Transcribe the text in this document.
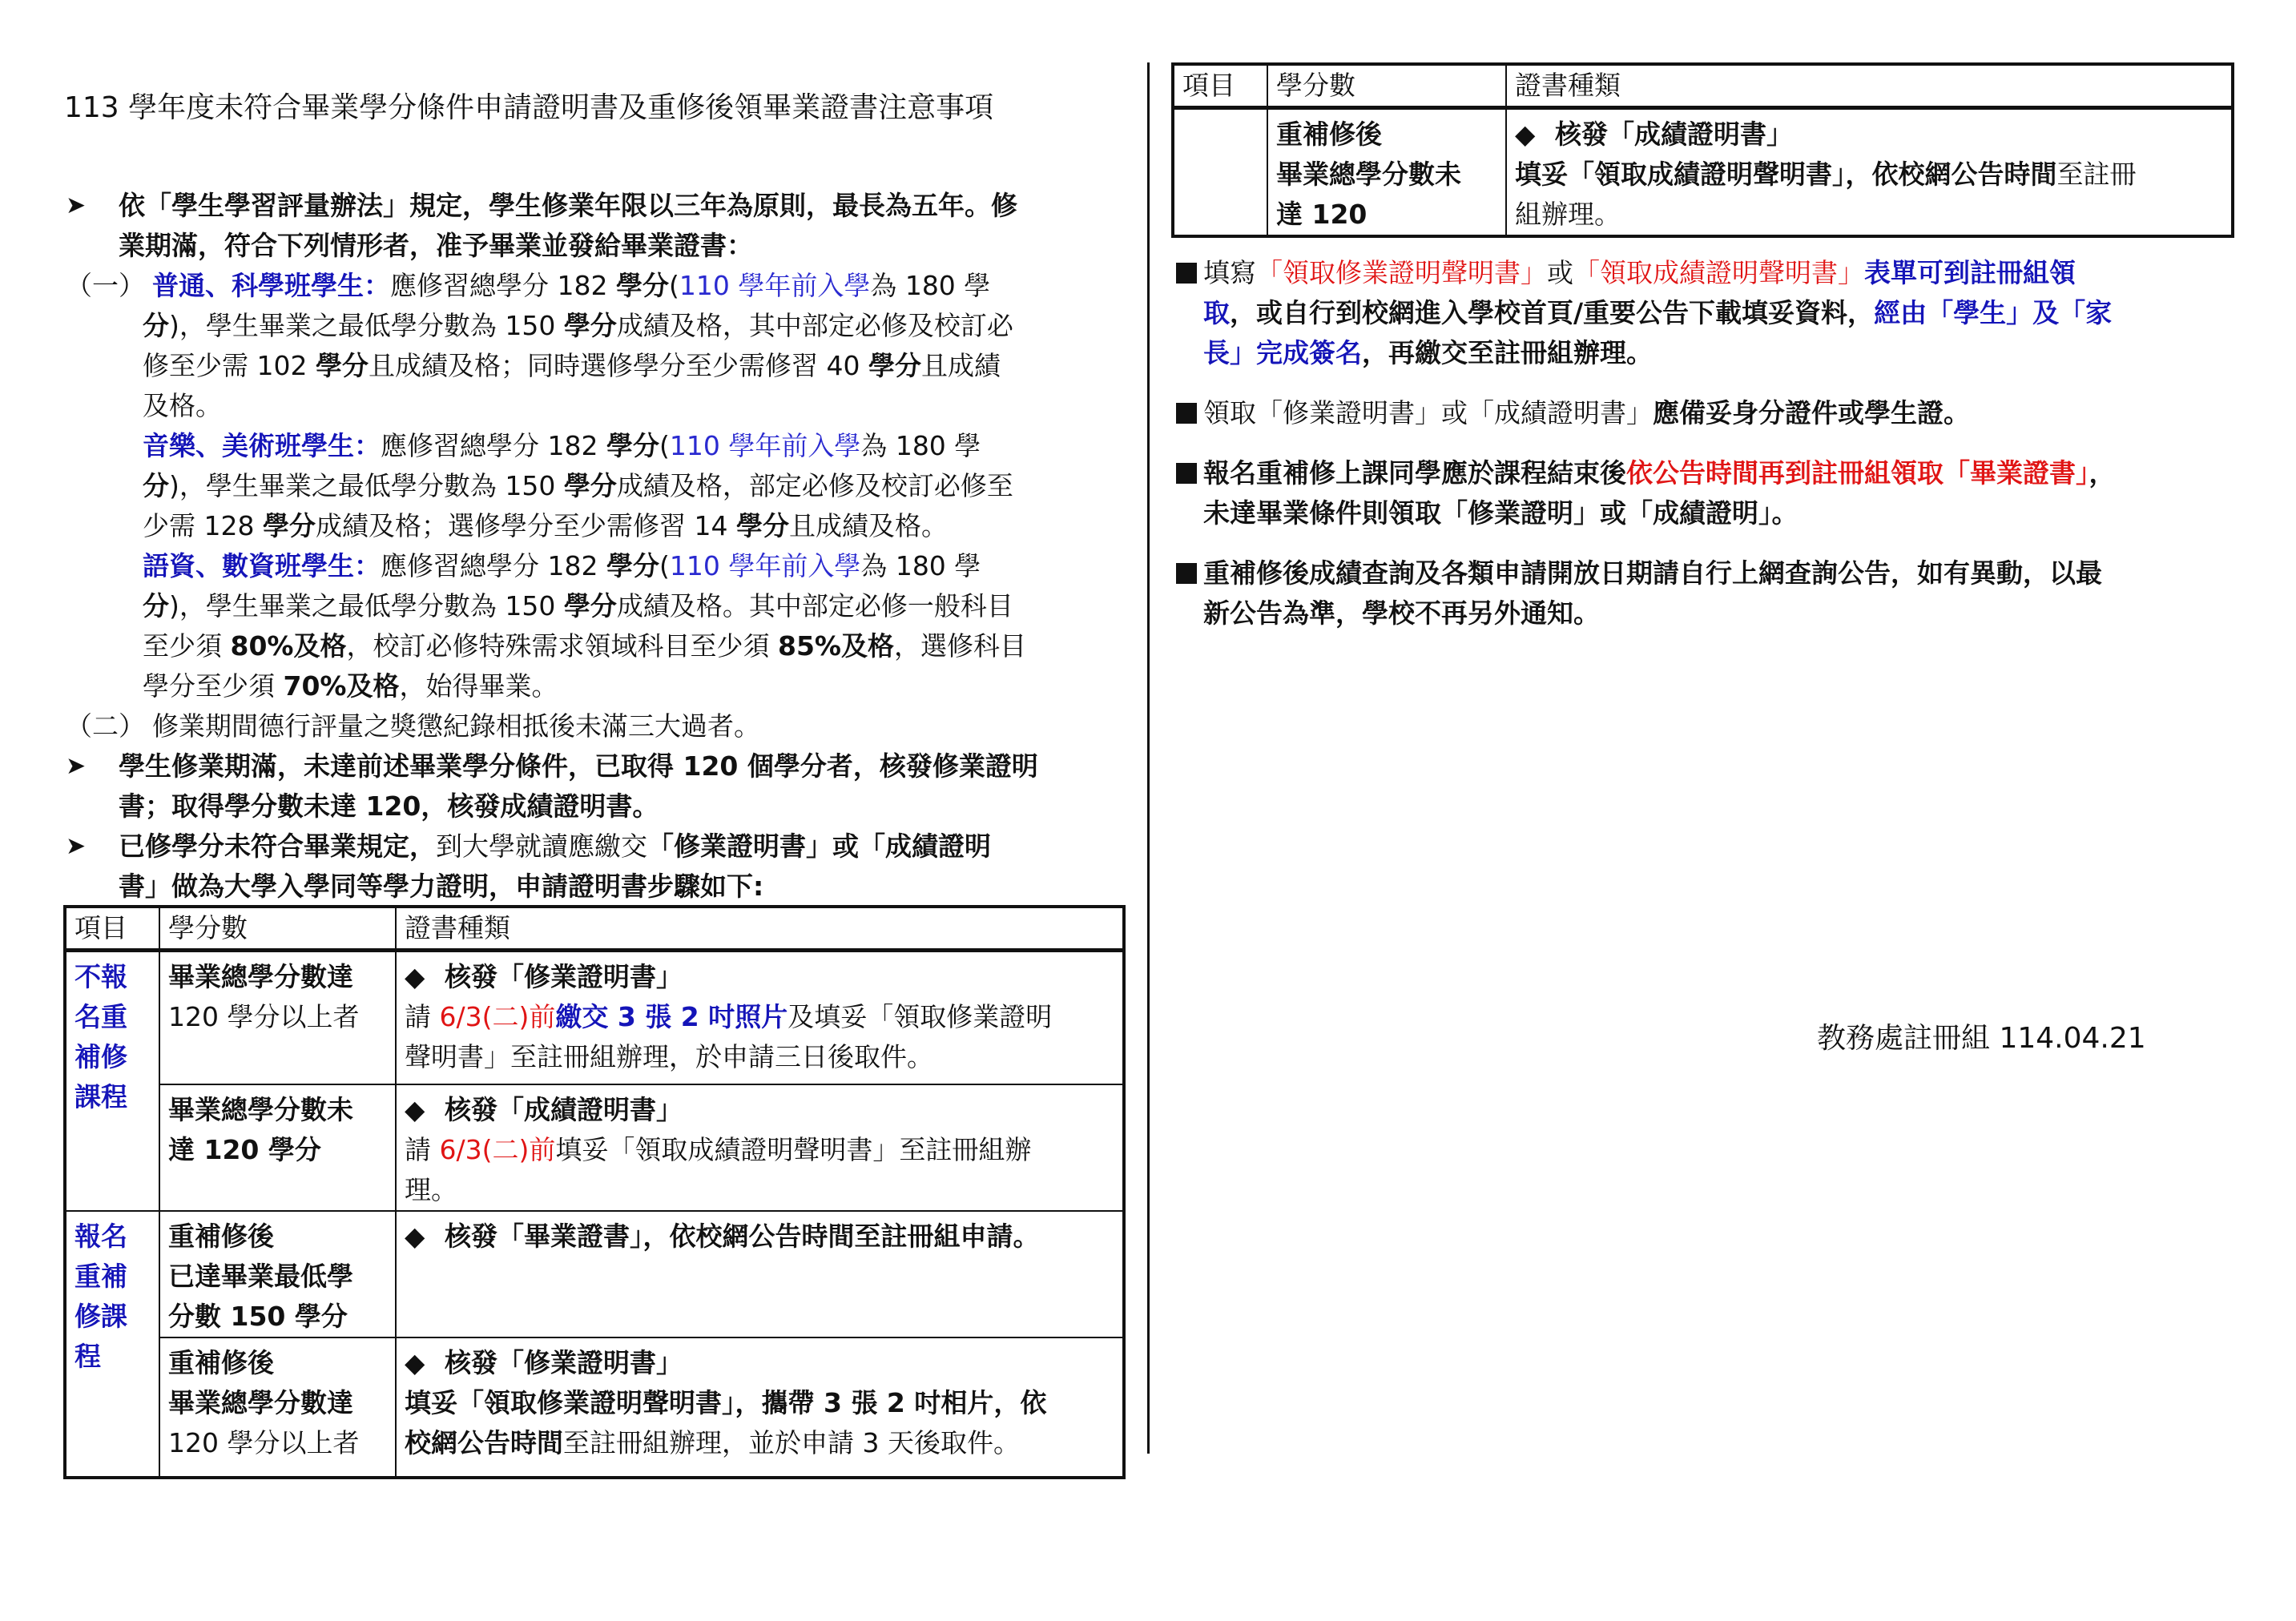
113 學年度未符合畢業學分條件申請證明書及重修後領畢業證書注意事項
➤ 依「學生學習評量辦法」規定，學生修業年限以三年為原則，最長為五年。修
業期滿，符合下列情形者，准予畢業並發給畢業證書：
（一） 普通、科學班學生：應修習總學分 182 學分(110 學年前入學為 180 學
分)，學生畢業之最低學分數為 150 學分成績及格，其中部定必修及校訂必
修至少需 102 學分且成績及格；同時選修學分至少需修習 40 學分且成績
及格。
音樂、美術班學生：應修習總學分 182 學分(110 學年前入學為 180 學
分)，學生畢業之最低學分數為 150 學分成績及格，部定必修及校訂必修至
少需 128 學分成績及格；選修學分至少需修習 14 學分且成績及格。
語資、數資班學生：應修習總學分 182 學分(110 學年前入學為 180 學
分)，學生畢業之最低學分數為 150 學分成績及格。其中部定必修一般科目
至少須 80%及格，校訂必修特殊需求領域科目至少須 85%及格，選修科目
學分至少須 70%及格，始得畢業。
（二） 修業期間德行評量之獎懲紀錄相抵後未滿三大過者。
➤ 學生修業期滿，未達前述畢業學分條件，已取得 120 個學分者，核發修業證明
書；取得學分數未達 120，核發成績證明書。
➤ 已修學分未符合畢業規定，到大學就讀應繳交「修業證明書」或「成績證明
書」做為大學入學同等學力證明，申請證明書步驟如下:
項目	學分數	證書種類

不報
名重
補修
課程	畢業總學分數達
120 學分以上者	◆ 核發「修業證明書」
請 6/3(二)前繳交 3 張 2 吋照片及填妥「領取修業證明
聲明書」至註冊組辦理，於申請三日後取件。

	畢業總學分數未
達 120 學分	◆ 核發「成績證明書」
請 6/3(二)前填妥「領取成績證明聲明書」至註冊組辦
理。

報名
重補
修課
程	重補修後
已達畢業最低學
分數 150 學分	◆ 核發「畢業證書」，依校網公告時間至註冊組申請。

	重補修後
畢業總學分數達
120 學分以上者	◆ 核發「修業證明書」
填妥「領取修業證明聲明書」，攜帶 3 張 2 吋相片，依
校網公告時間至註冊組辦理，並於申請 3 天後取件。
項目	學分數	證書種類

	重補修後
畢業總學分數未
達 120	◆ 核發「成績證明書」
填妥「領取成績證明聲明書」，依校網公告時間至註冊
組辦理。
填寫「領取修業證明聲明書」或「領取成績證明聲明書」表單可到註冊組領
取，或自行到校網進入學校首頁/重要公告下載填妥資料，經由「學生」及「家
長」完成簽名，再繳交至註冊組辦理。
領取「修業證明書」或「成績證明書」應備妥身分證件或學生證。
報名重補修上課同學應於課程結束後依公告時間再到註冊組領取「畢業證書」，
未達畢業條件則領取「修業證明」或「成績證明」。
重補修後成績查詢及各類申請開放日期請自行上網查詢公告，如有異動，以最
新公告為準，學校不再另外通知。
教務處註冊組 114.04.21
